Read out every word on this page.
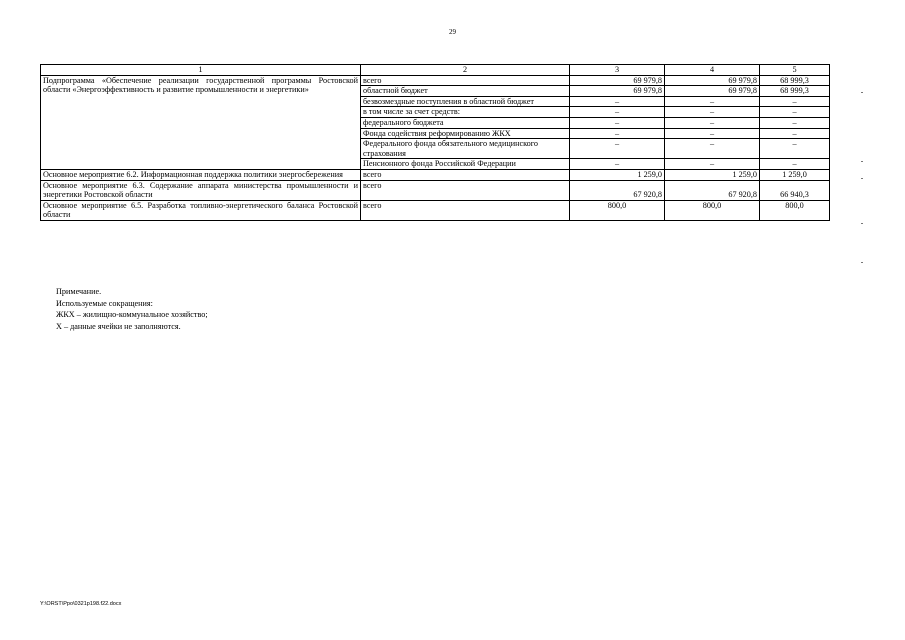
29
1	2	3	4	5
Подпрограмма «Обеспечение реализации государственной программы Ростовской области «Энергоэффективность и развитие промышленности и энергетики»	всего	69 979,8	69 979,8	68 999,3
	областной бюджет	69 979,8	69 979,8	68 999,3
	безвозмездные поступления в областной бюджет	–	–	–
	в том числе за счет средств:	–	–	–
	федерального бюджета	–	–	–
	Фонда содействия реформированию ЖКХ	–	–	–
	Федерального фонда обязательного медицинского страхования	–	–	–
	Пенсионного фонда Российской Федерации	–	–	–
Основное мероприятие 6.2. Информационная поддержка политики энергосбережения	всего	1 259,0	1 259,0	1 259,0
Основное мероприятие 6.3. Содержание аппарата министерства промышленности и энергетики Ростовской области	всего	67 920,8	67 920,8	66 940,3
Основное мероприятие 6.5. Разработка топливно-энергетического баланса Ростовской области	всего	800,0	800,0	800,0
Примечание.
Используемые сокращения:
ЖКХ – жилищно-коммунальное хозяйство;
Х – данные ячейки не заполняются.
Y:\ORST\Ppo\0321p198.f22.docx
